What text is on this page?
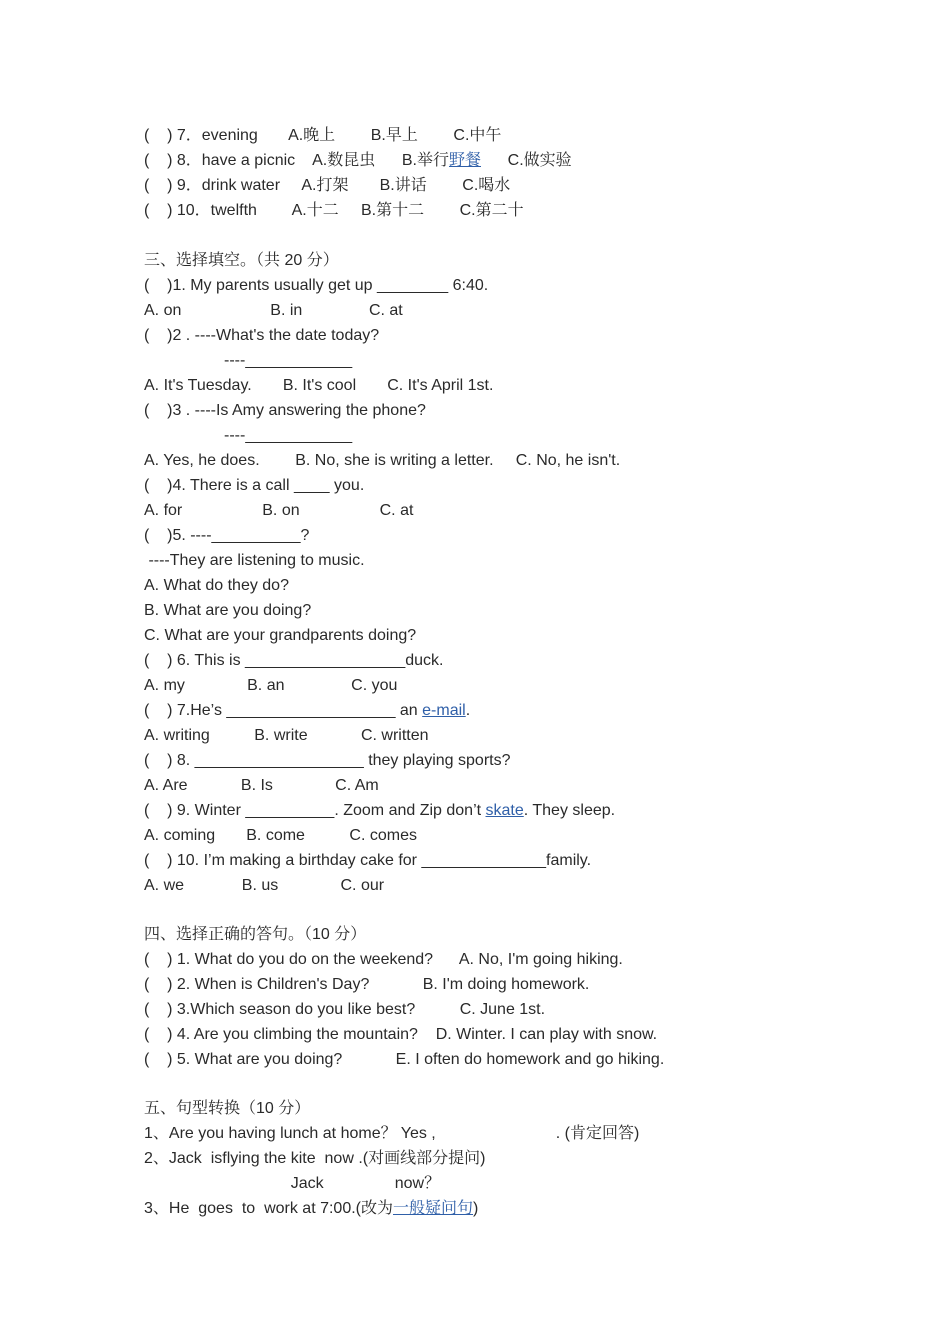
(    ) 7．evening       A.晚上        B.早上        C.中午
(    ) 8．have a picnic    A.数昆虫      B.举行野餐      C.做实验
(    ) 9．drink water     A.打架       B.讲话        C.喝水
(    ) 10．twelfth        A.十二     B.第十二        C.第二十
三、选择填空。（共 20 分）
(    )1. My parents usually get up ________ 6:40.
A. on                    B. in               C. at
(    )2 . ----What's the date today?
----____________
A. It's Tuesday.       B. It's cool       C. It's April 1st.
(    )3 . ----Is Amy answering the phone?
----____________
A. Yes, he does.        B. No, she is writing a letter.     C. No, he isn't.
(    )4. There is a call ____ you.
A. for                  B. on                  C. at
(    )5. ----__________?
----They are listening to music.
A. What do they do?
B. What are you doing?
C. What are your grandparents doing?
(    ) 6. This is __________________duck.
A. my              B. an               C. you
(    ) 7.He’s ___________________ an e-mail.
A. writing          B. write            C. written
(    ) 8. ___________________ they playing sports?
A. Are            B. Is              C. Am
(    ) 9. Winter __________. Zoom and Zip don’t skate. They sleep.
A. coming       B. come          C. comes
(    ) 10. I’m making a birthday cake for ______________family.
A. we             B. us              C. our
四、选择正确的答句。（10 分）
(    ) 1. What do you do on the weekend?      A. No, I'm going hiking.
(    ) 2. When is Children's Day?            B. I'm doing homework.
(    ) 3.Which season do you like best?          C. June 1st.
(    ) 4. Are you climbing the mountain?    D. Winter. I can play with snow.
(    ) 5. What are you doing?            E. I often do homework and go hiking.
五、句型转换（10 分）
1、Are you having lunch at home？ Yes ,                           . (肯定回答)
2、Jack  isflying the kite  now .(对画线部分提问)
Jack                now？
3、He  goes  to  work at 7:00.(改为一般疑问句)
